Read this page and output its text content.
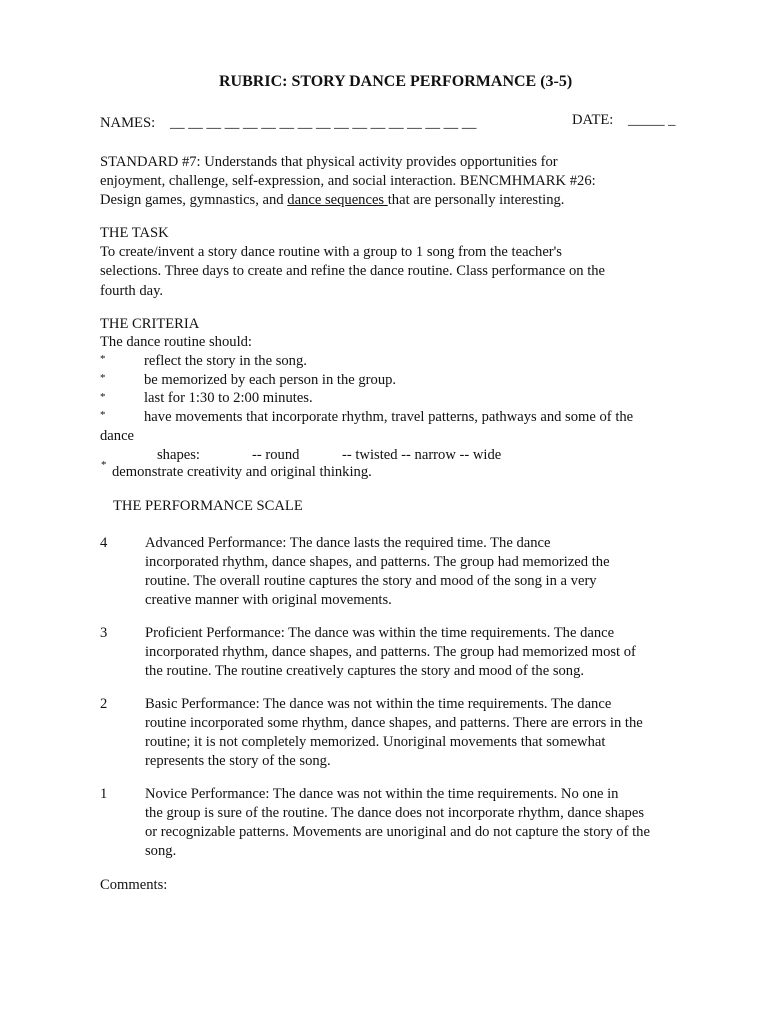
RUBRIC: STORY DANCE PERFORMANCE (3-5)
NAMES: __ __ __ __ __ __ __ __ __ __ __ __ __ __ __ __ __	DATE: _____ _
STANDARD #7: Understands that physical activity provides opportunities for
enjoyment, challenge, self-expression, and social interaction. BENCMHMARK #26:
Design games, gymnastics, and dance sequences that are personally interesting.
THE TASK
To create/invent a story dance routine with a group to 1 song from the teacher's
selections. Three days to create and refine the dance routine. Class performance on the
fourth day.
THE CRITERIA
The dance routine should:
*	reflect the story in the song.
*	be memorized by each person in the group.
*	last for 1:30 to 2:00 minutes.
*	have movements that incorporate rhythm, travel patterns, pathways and some of the
dance
shapes:	-- round	-- twisted -- narrow -- wide
* demonstrate creativity and original thinking.
THE PERFORMANCE SCALE
4	Advanced Performance: The dance lasts the required time. The dance
incorporated rhythm, dance shapes, and patterns. The group had memorized the
routine. The overall routine captures the story and mood of the song in a very
creative manner with original movements.
3	Proficient Performance: The dance was within the time requirements. The dance
incorporated rhythm, dance shapes, and patterns. The group had memorized most of
the routine. The routine creatively captures the story and mood of the song.
2	Basic Performance: The dance was not within the time requirements. The dance
routine incorporated some rhythm, dance shapes, and patterns. There are errors in the
routine; it is not completely memorized. Unoriginal movements that somewhat
represents the story of the song.
1	Novice Performance: The dance was not within the time requirements. No one in
the group is sure of the routine. The dance does not incorporate rhythm, dance shapes
or recognizable patterns. Movements are unoriginal and do not capture the story of the
song.
Comments:
